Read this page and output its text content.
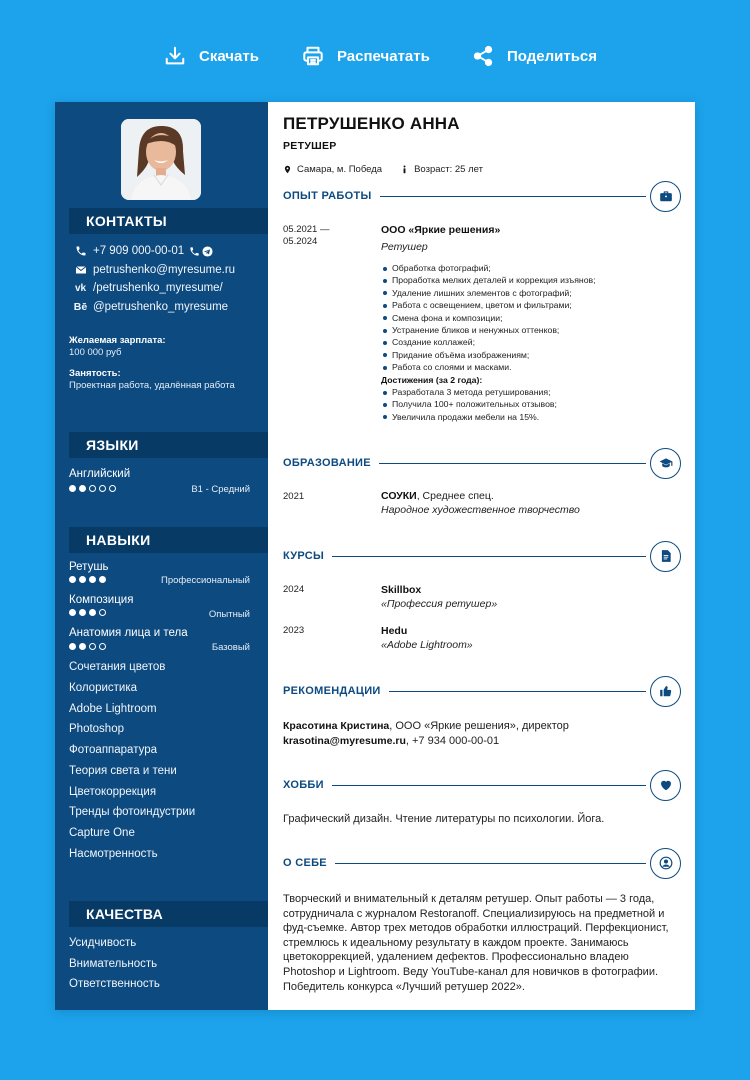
Скачать	Распечатать	Поделиться
КОНТАКТЫ
+7 909 000-00-01
petrushenko@myresume.ru
vk /petrushenko_myresume/
Bē @petrushenko_myresume
Желаемая зарплата:
100 000 руб
Занятость:
Проектная работа, удалённая работа
ЯЗЫКИ
Английский
B1 - Средний
НАВЫКИ
Ретушь
Профессиональный
Композиция
Опытный
Анатомия лица и тела
Базовый
Сочетания цветов
Колористика
Adobe Lightroom
Photoshop
Фотоаппаратура
Теория света и тени
Цветокоррекция
Тренды фотоиндустрии
Capture One
Насмотренность
КАЧЕСТВА
Усидчивость
Внимательность
Ответственность
ПЕТРУШЕНКО АННА
РЕТУШЕР
Самара, м. Победа	Возраст: 25 лет
ОПЫТ РАБОТЫ
05.2021 —
05.2024
ООО «Яркие решения»
Ретушер
Обработка фотографий;
Проработка мелких деталей и коррекция изъянов;
Удаление лишних элементов с фотографий;
Работа с освещением, цветом и фильтрами;
Смена фона и композиции;
Устранение бликов и ненужных оттенков;
Создание коллажей;
Придание объёма изображениям;
Работа со слоями и масками.
Достижения (за 2 года):
Разработала 3 метода ретуширования;
Получила 100+ положительных отзывов;
Увеличила продажи мебели на 15%.
ОБРАЗОВАНИЕ
2021	СОУКИ, Среднее спец.
Народное художественное творчество
КУРСЫ
2024	Skillbox
«Профессия ретушер»
2023	Hedu
«Adobe Lightroom»
РЕКОМЕНДАЦИИ
Красотина Кристина, ООО «Яркие решения», директор
krasotina@myresume.ru, +7 934 000-00-01
ХОББИ
Графический дизайн. Чтение литературы по психологии. Йога.
О СЕБЕ
Творческий и внимательный к деталям ретушер. Опыт работы — 3 года, сотрудничала с журналом Restoranoff. Специализируюсь на предметной и фуд-съемке. Автор трех методов обработки иллюстраций. Перфекционист, стремлюсь к идеальному результату в каждом проекте. Занимаюсь цветокоррекцией, удалением дефектов. Профессионально владею Photoshop и Lightroom. Веду YouTube-канал для новичков в фотографии. Победитель конкурса «Лучший ретушер 2022».
